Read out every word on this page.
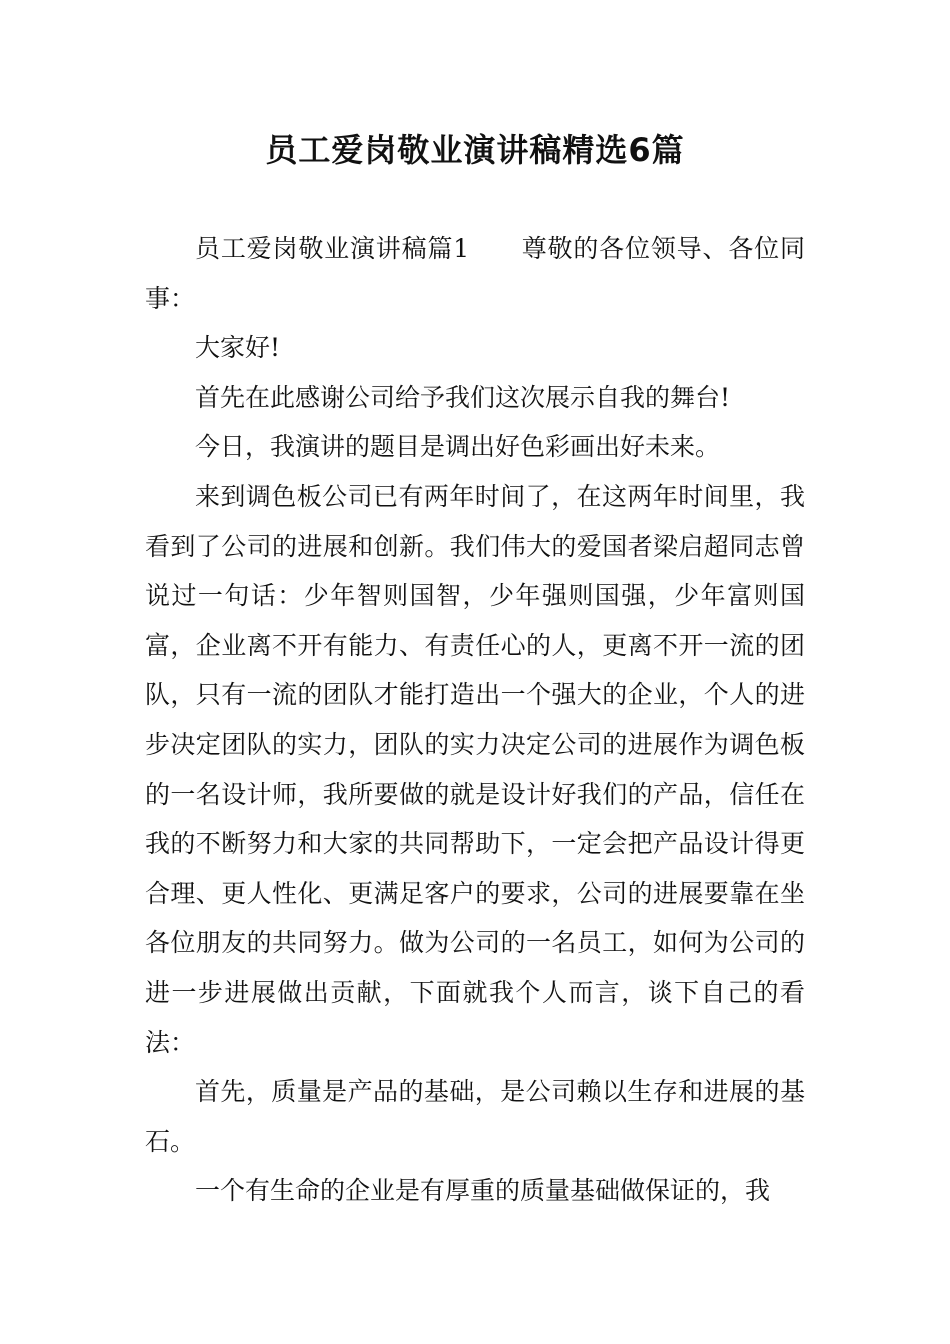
员工爱岗敬业演讲稿精选6篇

员工爱岗敬业演讲稿篇1　　尊敬的各位领导、各位同事：

大家好!

首先在此感谢公司给予我们这次展示自我的舞台!

今日，我演讲的题目是调出好色彩画出好未来。

来到调色板公司已有两年时间了，在这两年时间里，我看到了公司的进展和创新。我们伟大的爱国者梁启超同志曾说过一句话：少年智则国智，少年强则国强，少年富则国富，企业离不开有能力、有责任心的人，更离不开一流的团队，只有一流的团队才能打造出一个强大的企业，个人的进步决定团队的实力，团队的实力决定公司的进展作为调色板的一名设计师，我所要做的就是设计好我们的产品，信任在我的不断努力和大家的共同帮助下，一定会把产品设计得更合理、更人性化、更满足客户的要求，公司的进展要靠在坐各位朋友的共同努力。做为公司的一名员工，如何为公司的进一步进展做出贡献，下面就我个人而言，谈下自己的看法：

首先，质量是产品的基础，是公司赖以生存和进展的基石。

一个有生命的企业是有厚重的质量基础做保证的，我
